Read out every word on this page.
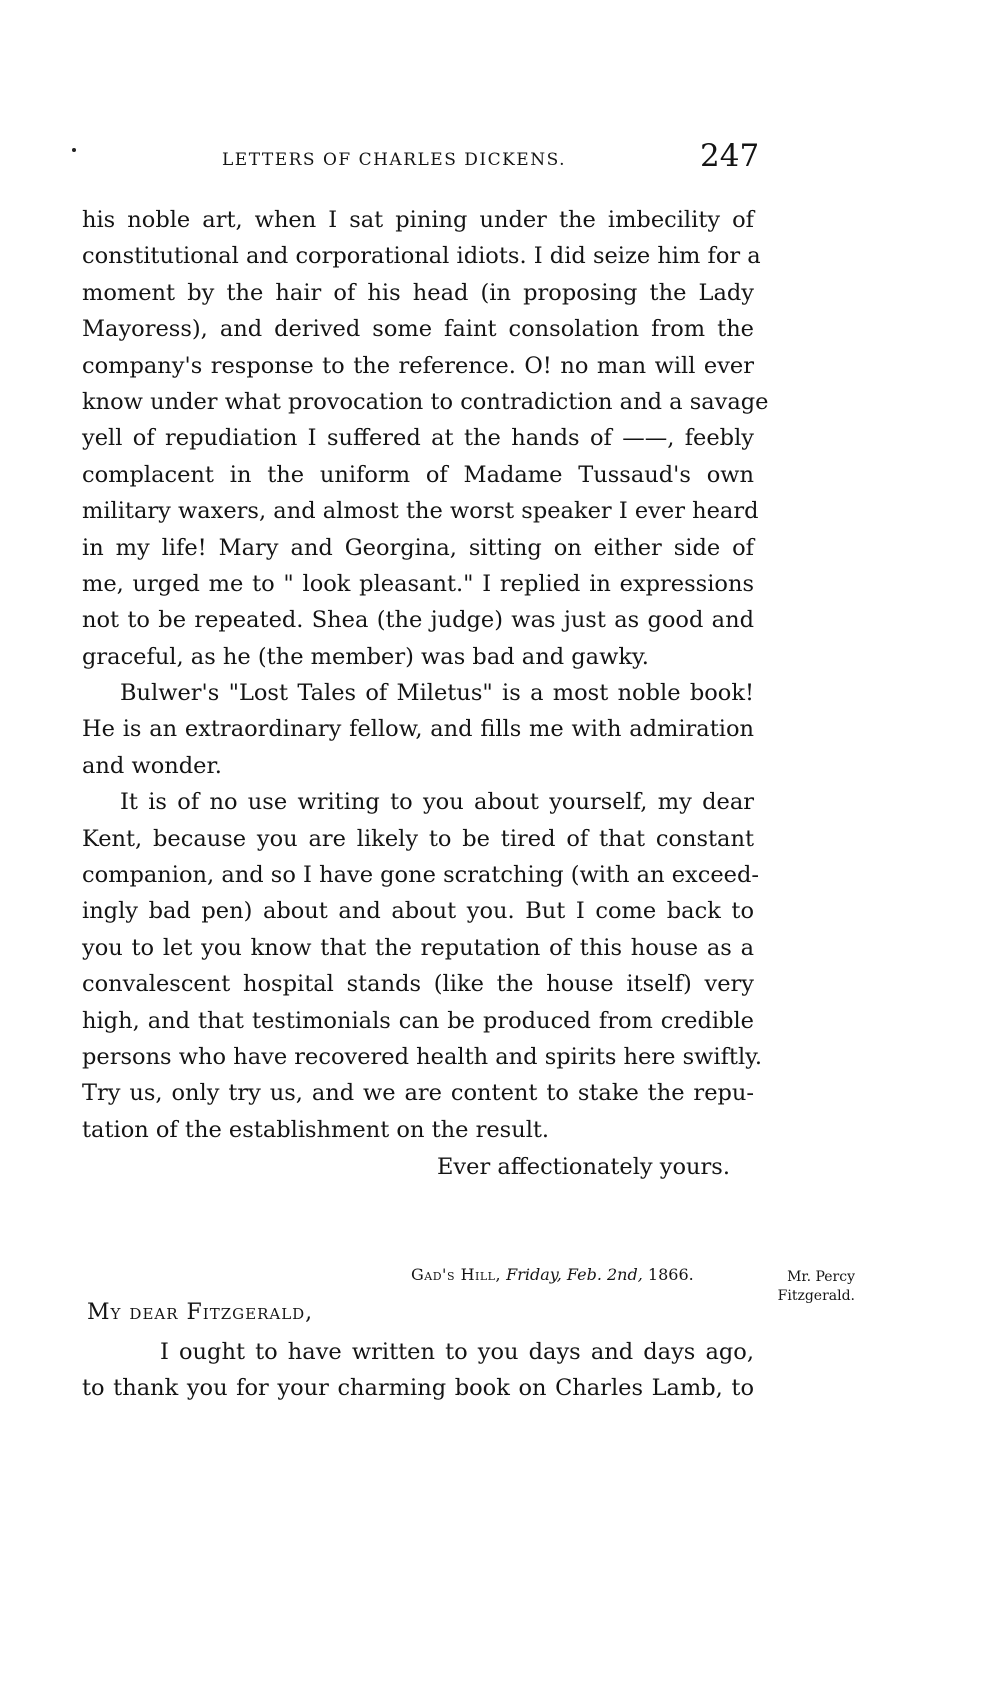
LETTERS OF CHARLES DICKENS.	247
his noble art, when I sat pining under the imbecility of
constitutional and corporational idiots. I did seize him for a
moment by the hair of his head (in proposing the Lady
Mayoress), and derived some faint consolation from the
company's response to the reference. O! no man will ever
know under what provocation to contradiction and a savage
yell of repudiation I suffered at the hands of ——, feebly
complacent in the uniform of Madame Tussaud's own
military waxers, and almost the worst speaker I ever heard
in my life! Mary and Georgina, sitting on either side of
me, urged me to " look pleasant." I replied in expressions
not to be repeated. Shea (the judge) was just as good and
graceful, as he (the member) was bad and gawky.
Bulwer's "Lost Tales of Miletus" is a most noble book!
He is an extraordinary fellow, and fills me with admiration
and wonder.
It is of no use writing to you about yourself, my dear
Kent, because you are likely to be tired of that constant
companion, and so I have gone scratching (with an exceed-
ingly bad pen) about and about you. But I come back to
you to let you know that the reputation of this house as a
convalescent hospital stands (like the house itself) very
high, and that testimonials can be produced from credible
persons who have recovered health and spirits here swiftly.
Try us, only try us, and we are content to stake the repu-
tation of the establishment on the result.
Ever affectionately yours.
Gad's Hill, Friday, Feb. 2nd, 1866.	Mr. Percy
Fitzgerald.
My dear Fitzgerald,
I ought to have written to you days and days ago,
to thank you for your charming book on Charles Lamb, to
